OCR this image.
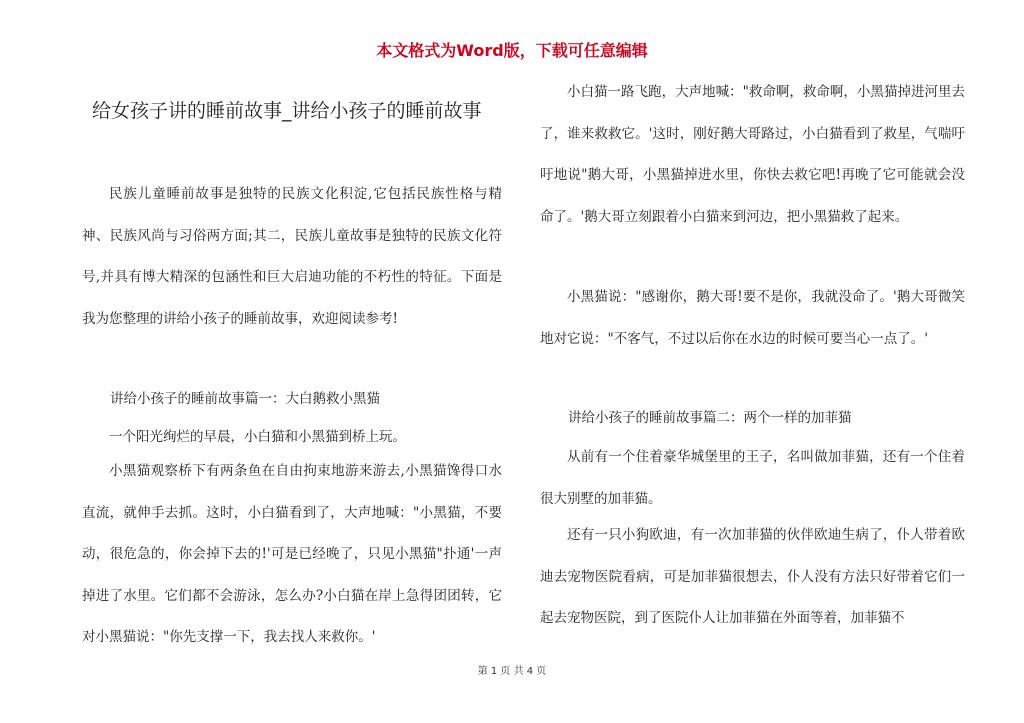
本文格式为Word版，下载可任意编辑
给女孩子讲的睡前故事_讲给小孩子的睡前故事
民族儿童睡前故事是独特的民族文化积淀,它包括民族性格与精神、民族风尚与习俗两方面;其二，民族儿童故事是独特的民族文化符号,并具有博大精深的包涵性和巨大启迪功能的不朽性的特征。下面是我为您整理的讲给小孩子的睡前故事，欢迎阅读参考!
讲给小孩子的睡前故事篇一：大白鹅救小黑猫
一个阳光绚烂的早晨，小白猫和小黑猫到桥上玩。
小黑猫观察桥下有两条鱼在自由拘束地游来游去,小黑猫馋得口水直流，就伸手去抓。这时，小白猫看到了，大声地喊："小黑猫，不要动，很危急的，你会掉下去的!'可是已经晚了，只见小黑猫"扑通'一声掉进了水里。它们都不会游泳，怎么办?小白猫在岸上急得团团转，它对小黑猫说："你先支撑一下，我去找人来救你。'
小白猫一路飞跑，大声地喊："救命啊，救命啊，小黑猫掉进河里去了，谁来救救它。'这时，刚好鹅大哥路过，小白猫看到了救星，气喘吁吁地说"鹅大哥，小黑猫掉进水里，你快去救它吧!再晚了它可能就会没命了。'鹅大哥立刻跟着小白猫来到河边，把小黑猫救了起来。
小黑猫说："感谢你，鹅大哥!要不是你，我就没命了。'鹅大哥微笑地对它说："不客气，不过以后你在水边的时候可要当心一点了。'
讲给小孩子的睡前故事篇二：两个一样的加菲猫
从前有一个住着豪华城堡里的王子，名叫做加菲猫，还有一个住着很大别墅的加菲猫。
还有一只小狗欧迪，有一次加菲猫的伙伴欧迪生病了，仆人带着欧迪去宠物医院看病，可是加菲猫很想去，仆人没有方法只好带着它们一起去宠物医院，到了医院仆人让加菲猫在外面等着，加菲猫不
第 1 页 共 4 页
